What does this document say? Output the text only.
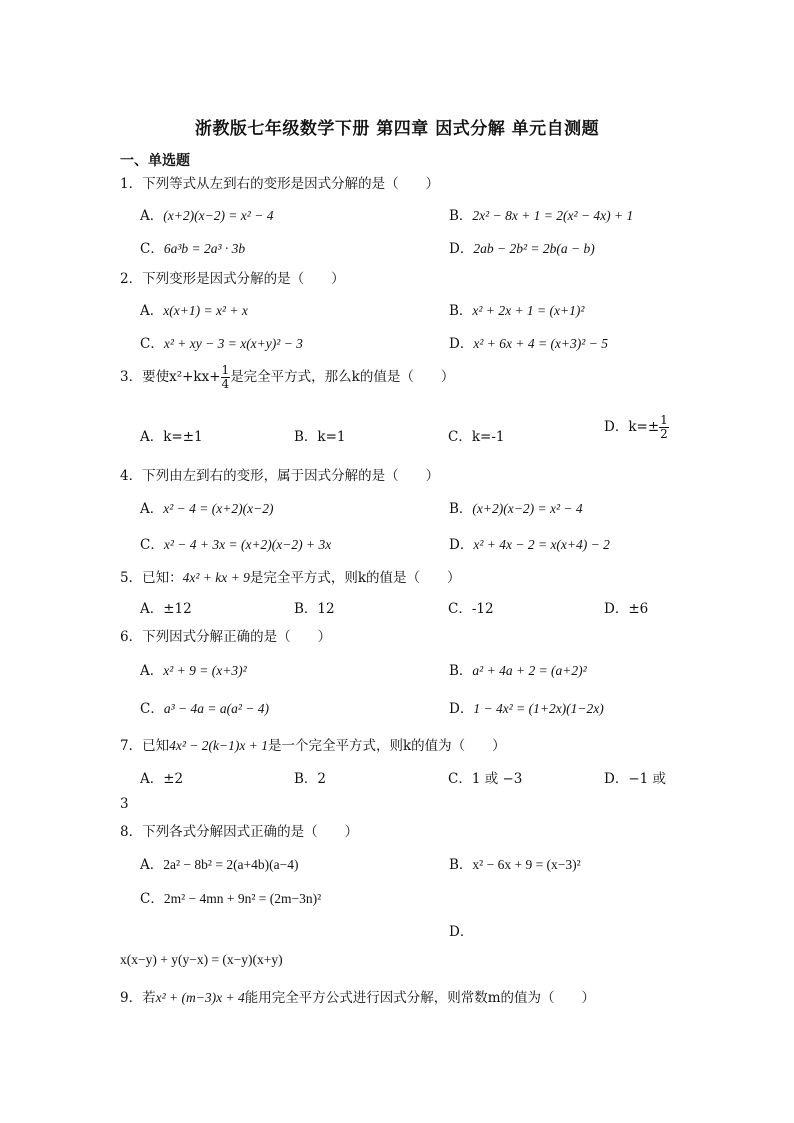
浙教版七年级数学下册 第四章 因式分解 单元自测题
一、单选题
1．下列等式从左到右的变形是因式分解的是（　　）
A．(x+2)(x−2) = x² − 4	B．2x² − 8x + 1 = 2(x² − 4x) + 1
C．6a³b = 2a³ · 3b	D．2ab − 2b² = 2b(a − b)
2．下列变形是因式分解的是（　　）
A．x(x+1) = x² + x	B．x² + 2x + 1 = (x+1)²
C．x² + xy − 3 = x(x+y)² − 3	D．x² + 6x + 4 = (x+3)² − 5
3．要使$x^2+kx+ \frac{1}{4}$ 是完全平方式，那么k的值是（　　）
A．k=±1	B．k=1	C．k=-1
D．$k=\pm \frac{1}{2}$
4．下列由左到右的变形，属于因式分解的是（　　）
A．x² − 4 = (x+2)(x−2)	B．(x+2)(x−2) = x² − 4
C．x² − 4 + 3x = (x+2)(x−2) + 3x	D．x² + 4x − 2 = x(x+4) − 2
5．已知：4x² + kx + 9是完全平方式，则k的值是（　　）
A．±12	B．12	C．-12	D．±6
6．下列因式分解正确的是（　　）
A．x² + 9 = (x+3)²	B．a² + 4a + 2 = (a+2)²
C．a³ − 4a = a(a² − 4)	D．1 − 4x² = (1+2x)(1−2x)
7．已知4x² − 2(k−1)x + 1是一个完全平方式，则k的值为（　　）
A．±2	B．2	C．1 或 −3	D．−1 或
3
8．下列各式分解因式正确的是（　　）
A．2a² − 8b² = 2(a+4b)(a−4)	B．x² − 6x + 9 = (x−3)²
C．2m² − 4mn + 9n² = (2m−3n)²
D．
x(x−y) + y(y−x) = (x−y)(x+y)
9．若x² + (m−3)x + 4能用完全平方公式进行因式分解，则常数m的值为（　　）
